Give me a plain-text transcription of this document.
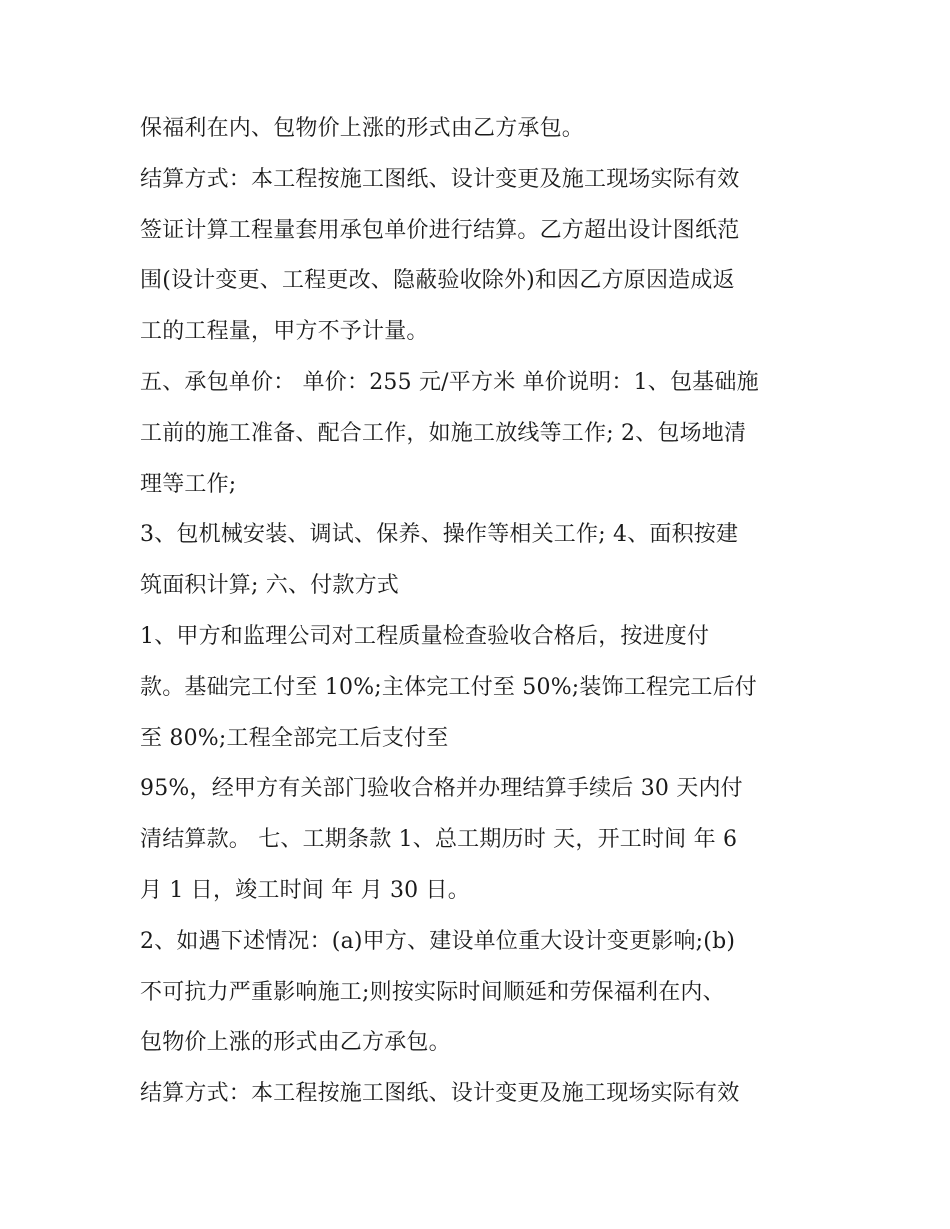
保福利在内、包物价上涨的形式由乙方承包。
结算方式：本工程按施工图纸、设计变更及施工现场实际有效
签证计算工程量套用承包单价进行结算。乙方超出设计图纸范
围(设计变更、工程更改、隐蔽验收除外)和因乙方原因造成返
工的工程量，甲方不予计量。
五、承包单价： 单价：255 元/平方米 单价说明：1、包基础施
工前的施工准备、配合工作，如施工放线等工作; 2、包场地清
理等工作;
3、包机械安装、调试、保养、操作等相关工作; 4、面积按建
筑面积计算; 六、付款方式
1、甲方和监理公司对工程质量检查验收合格后，按进度付
款。基础完工付至 10%;主体完工付至 50%;装饰工程完工后付
至 80%;工程全部完工后支付至
95%，经甲方有关部门验收合格并办理结算手续后 30 天内付
清结算款。 七、工期条款 1、总工期历时 天，开工时间 年 6
月 1 日，竣工时间 年 月 30 日。
2、如遇下述情况：(a)甲方、建设单位重大设计变更影响;(b)
不可抗力严重影响施工;则按实际时间顺延和劳保福利在内、
包物价上涨的形式由乙方承包。
结算方式：本工程按施工图纸、设计变更及施工现场实际有效
